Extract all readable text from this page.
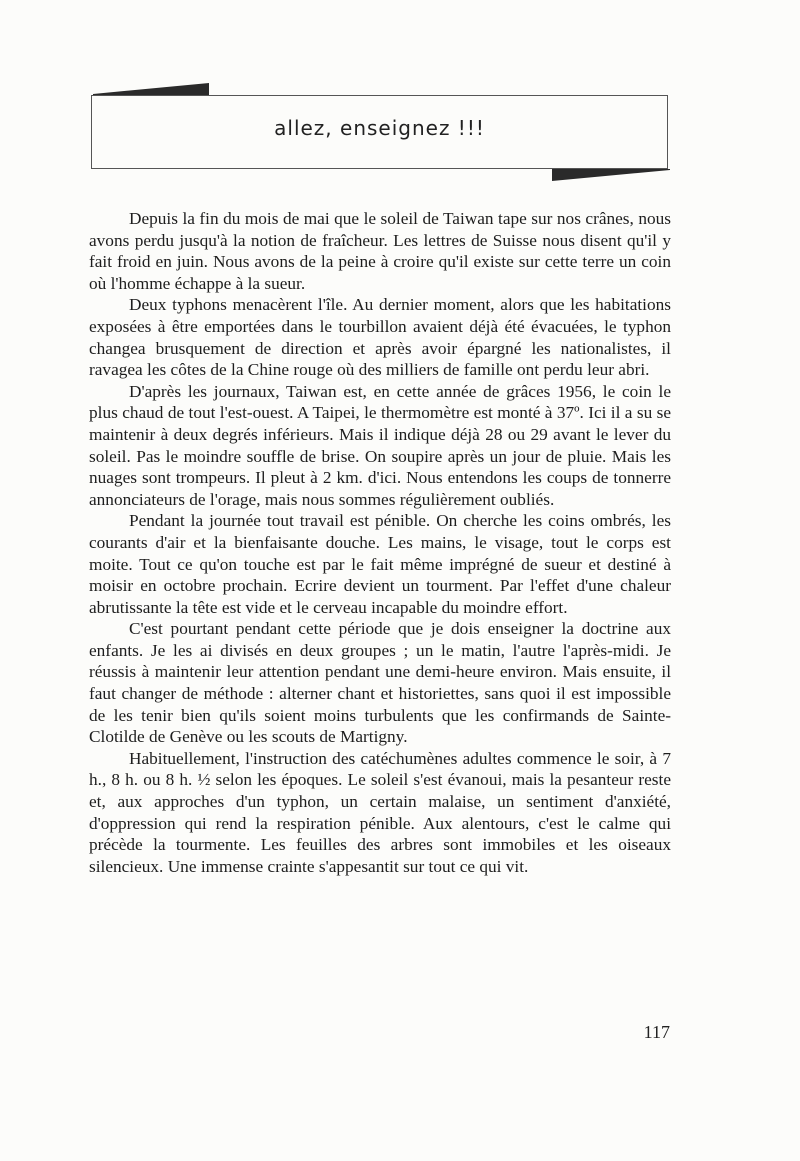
allez, enseignez !!!

Depuis la fin du mois de mai que le soleil de Taiwan tape sur nos crânes, nous avons perdu jusqu'à la notion de fraîcheur. Les lettres de Suisse nous disent qu'il y fait froid en juin. Nous avons de la peine à croire qu'il existe sur cette terre un coin où l'homme échappe à la sueur.

Deux typhons menacèrent l'île. Au dernier moment, alors que les habitations exposées à être emportées dans le tourbillon avaient déjà été évacuées, le typhon changea brusquement de direction et après avoir épargné les nationalistes, il ravagea les côtes de la Chine rouge où des milliers de famille ont perdu leur abri.

D'après les journaux, Taiwan est, en cette année de grâces 1956, le coin le plus chaud de tout l'est-ouest. A Taipei, le thermomètre est monté à 37º. Ici il a su se maintenir à deux degrés inférieurs. Mais il indique déjà 28 ou 29 avant le lever du soleil. Pas le moindre souffle de brise. On soupire après un jour de pluie. Mais les nuages sont trompeurs. Il pleut à 2 km. d'ici. Nous entendons les coups de tonnerre annonciateurs de l'orage, mais nous sommes régulièrement oubliés.

Pendant la journée tout travail est pénible. On cherche les coins ombrés, les courants d'air et la bienfaisante douche. Les mains, le visage, tout le corps est moite. Tout ce qu'on touche est par le fait même imprégné de sueur et destiné à moisir en octobre prochain. Ecrire devient un tourment. Par l'effet d'une chaleur abrutissante la tête est vide et le cerveau incapable du moindre effort.

C'est pourtant pendant cette période que je dois enseigner la doctrine aux enfants. Je les ai divisés en deux groupes ; un le matin, l'autre l'après-midi. Je réussis à maintenir leur attention pendant une demi-heure environ. Mais ensuite, il faut changer de méthode : alterner chant et historiettes, sans quoi il est impossible de les tenir bien qu'ils soient moins turbulents que les confirmands de Sainte-Clotilde de Genève ou les scouts de Martigny.

Habituellement, l'instruction des catéchumènes adultes commence le soir, à 7 h., 8 h. ou 8 h. ½ selon les époques. Le soleil s'est évanoui, mais la pesanteur reste et, aux approches d'un typhon, un certain malaise, un sentiment d'anxiété, d'oppression qui rend la respiration pénible. Aux alentours, c'est le calme qui précède la tourmente. Les feuilles des arbres sont immobiles et les oiseaux silencieux. Une immense crainte s'appesantit sur tout ce qui vit.

117
